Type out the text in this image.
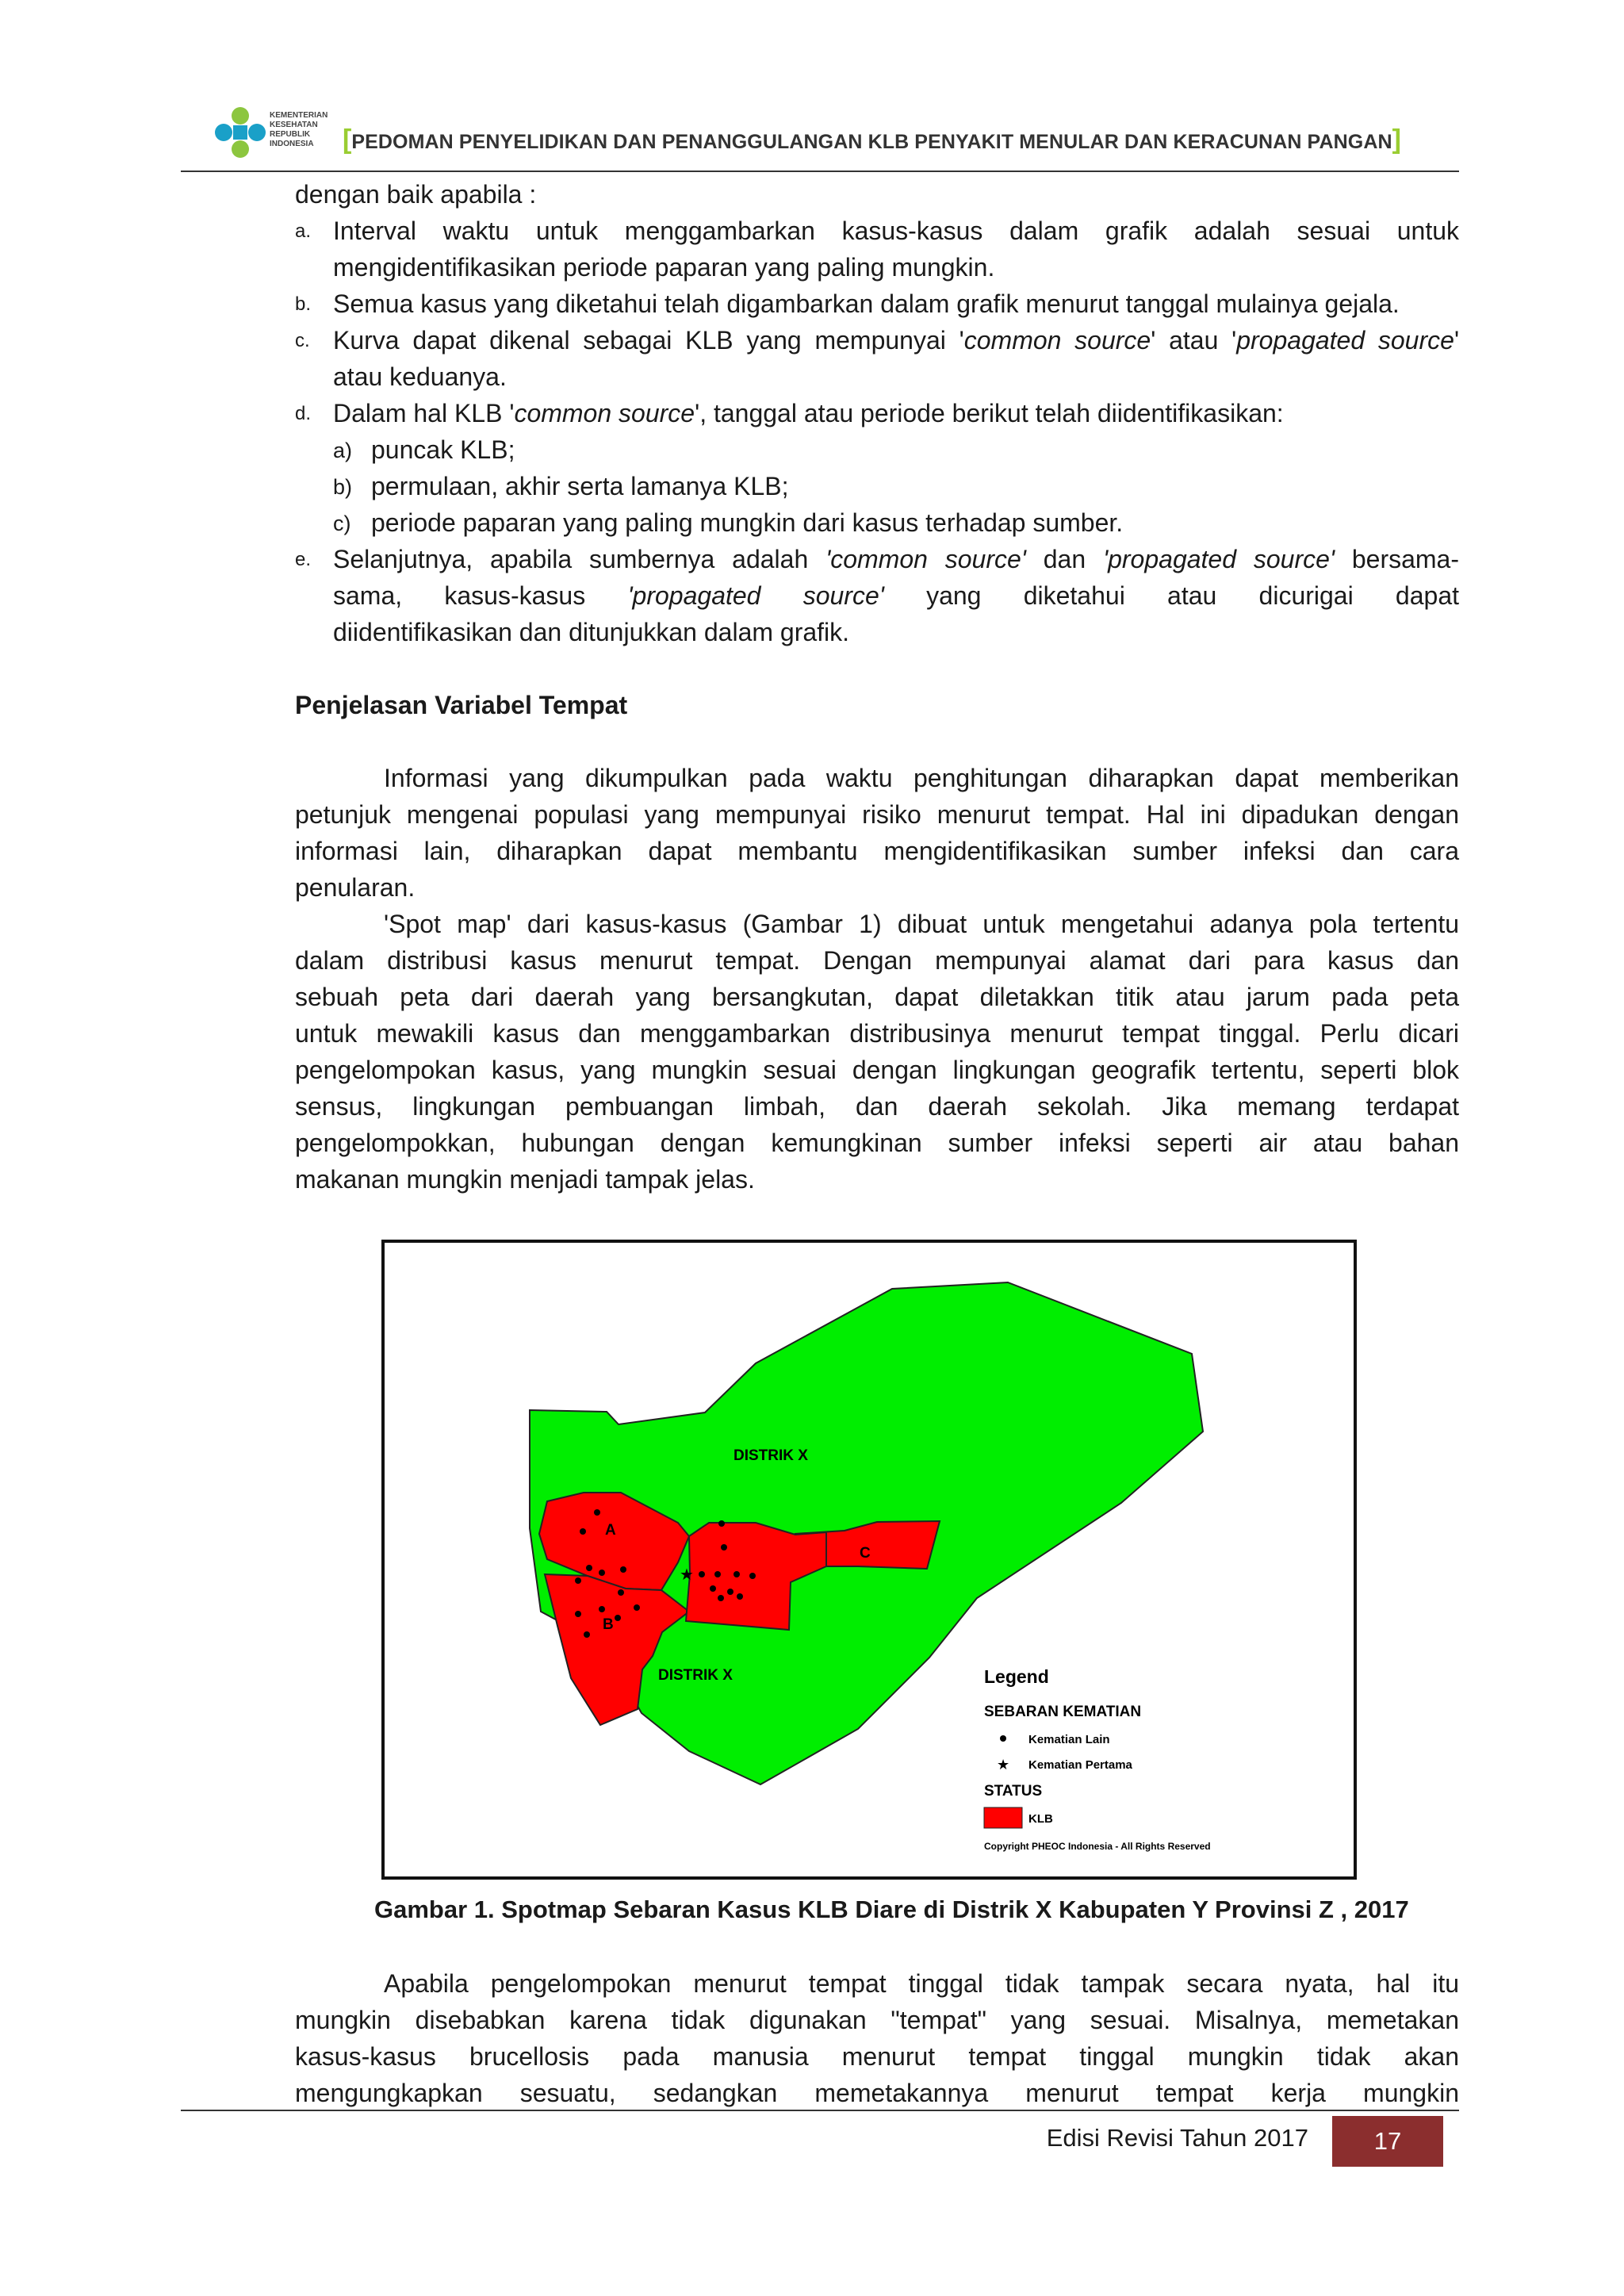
KEMENTERIAN
KESEHATAN
REPUBLIK
INDONESIA	[PEDOMAN PENYELIDIKAN DAN PENANGGULANGAN KLB PENYAKIT MENULAR DAN KERACUNAN PANGAN]
dengan baik apabila :
a. Interval waktu untuk menggambarkan kasus-kasus dalam grafik adalah sesuai untuk
mengidentifikasikan periode paparan yang paling mungkin.
b. Semua kasus yang diketahui telah digambarkan dalam grafik menurut tanggal mulainya gejala.
c. Kurva dapat dikenal sebagai KLB yang mempunyai 'common source' atau 'propagated source'
atau keduanya.
d. Dalam hal KLB 'common source', tanggal atau periode berikut telah diidentifikasikan:
a) puncak KLB;
b) permulaan, akhir serta lamanya KLB;
c) periode paparan yang paling mungkin dari kasus terhadap sumber.
e. Selanjutnya, apabila sumbernya adalah 'common source' dan 'propagated source' bersama-
sama, kasus-kasus 'propagated source' yang diketahui atau dicurigai dapat
diidentifikasikan dan ditunjukkan dalam grafik.
Penjelasan Variabel Tempat
Informasi yang dikumpulkan pada waktu penghitungan diharapkan dapat memberikan
petunjuk mengenai populasi yang mempunyai risiko menurut tempat. Hal ini dipadukan dengan
informasi lain, diharapkan dapat membantu mengidentifikasikan sumber infeksi dan cara
penularan.
'Spot map' dari kasus-kasus (Gambar 1) dibuat untuk mengetahui adanya pola tertentu
dalam distribusi kasus menurut tempat. Dengan mempunyai alamat dari para kasus dan
sebuah peta dari daerah yang bersangkutan, dapat diletakkan titik atau jarum pada peta
untuk mewakili kasus dan menggambarkan distribusinya menurut tempat tinggal. Perlu dicari
pengelompokan kasus, yang mungkin sesuai dengan lingkungan geografik tertentu, seperti blok
sensus, lingkungan pembuangan limbah, dan daerah sekolah. Jika memang terdapat
pengelompokkan, hubungan dengan kemungkinan sumber infeksi seperti air atau bahan
makanan mungkin menjadi tampak jelas.
DISTRIK X
DISTRIK X
A
B
C
★
Legend
SEBARAN KEMATIAN
Kematian Lain
★ Kematian Pertama
STATUS
KLB
Copyright PHEOC Indonesia - All Rights Reserved
Gambar 1. Spotmap Sebaran Kasus KLB Diare di Distrik X Kabupaten Y Provinsi Z , 2017
Apabila pengelompokan menurut tempat tinggal tidak tampak secara nyata, hal itu
mungkin disebabkan karena tidak digunakan "tempat" yang sesuai. Misalnya, memetakan
kasus-kasus brucellosis pada manusia menurut tempat tinggal mungkin tidak akan
mengungkapkan sesuatu, sedangkan memetakannya menurut tempat kerja mungkin
Edisi Revisi Tahun 2017	17
